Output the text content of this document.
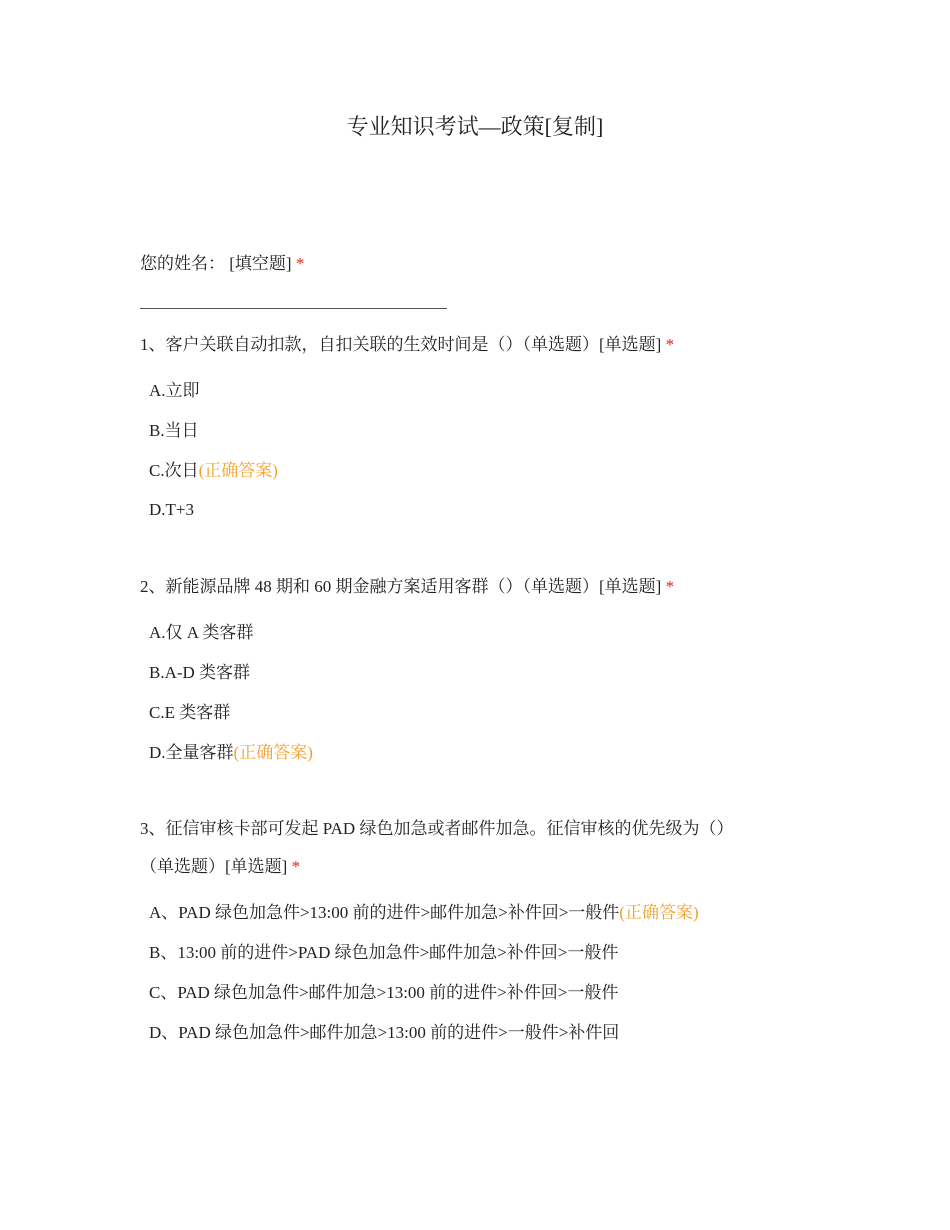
专业知识考试—政策[复制]
您的姓名： [填空题] *
1、客户关联自动扣款，自扣关联的生效时间是（）（单选题）[单选题] *
A.立即
B.当日
C.次日(正确答案)
D.T+3
2、新能源品牌 48 期和 60 期金融方案适用客群（）（单选题）[单选题] *
A.仅 A 类客群
B.A-D 类客群
C.E 类客群
D.全量客群(正确答案)
3、征信审核卡部可发起 PAD 绿色加急或者邮件加急。征信审核的优先级为（）
（单选题）[单选题] *
A、PAD 绿色加急件>13:00 前的进件>邮件加急>补件回>一般件(正确答案)
B、13:00 前的进件>PAD 绿色加急件>邮件加急>补件回>一般件
C、PAD 绿色加急件>邮件加急>13:00 前的进件>补件回>一般件
D、PAD 绿色加急件>邮件加急>13:00 前的进件>一般件>补件回
